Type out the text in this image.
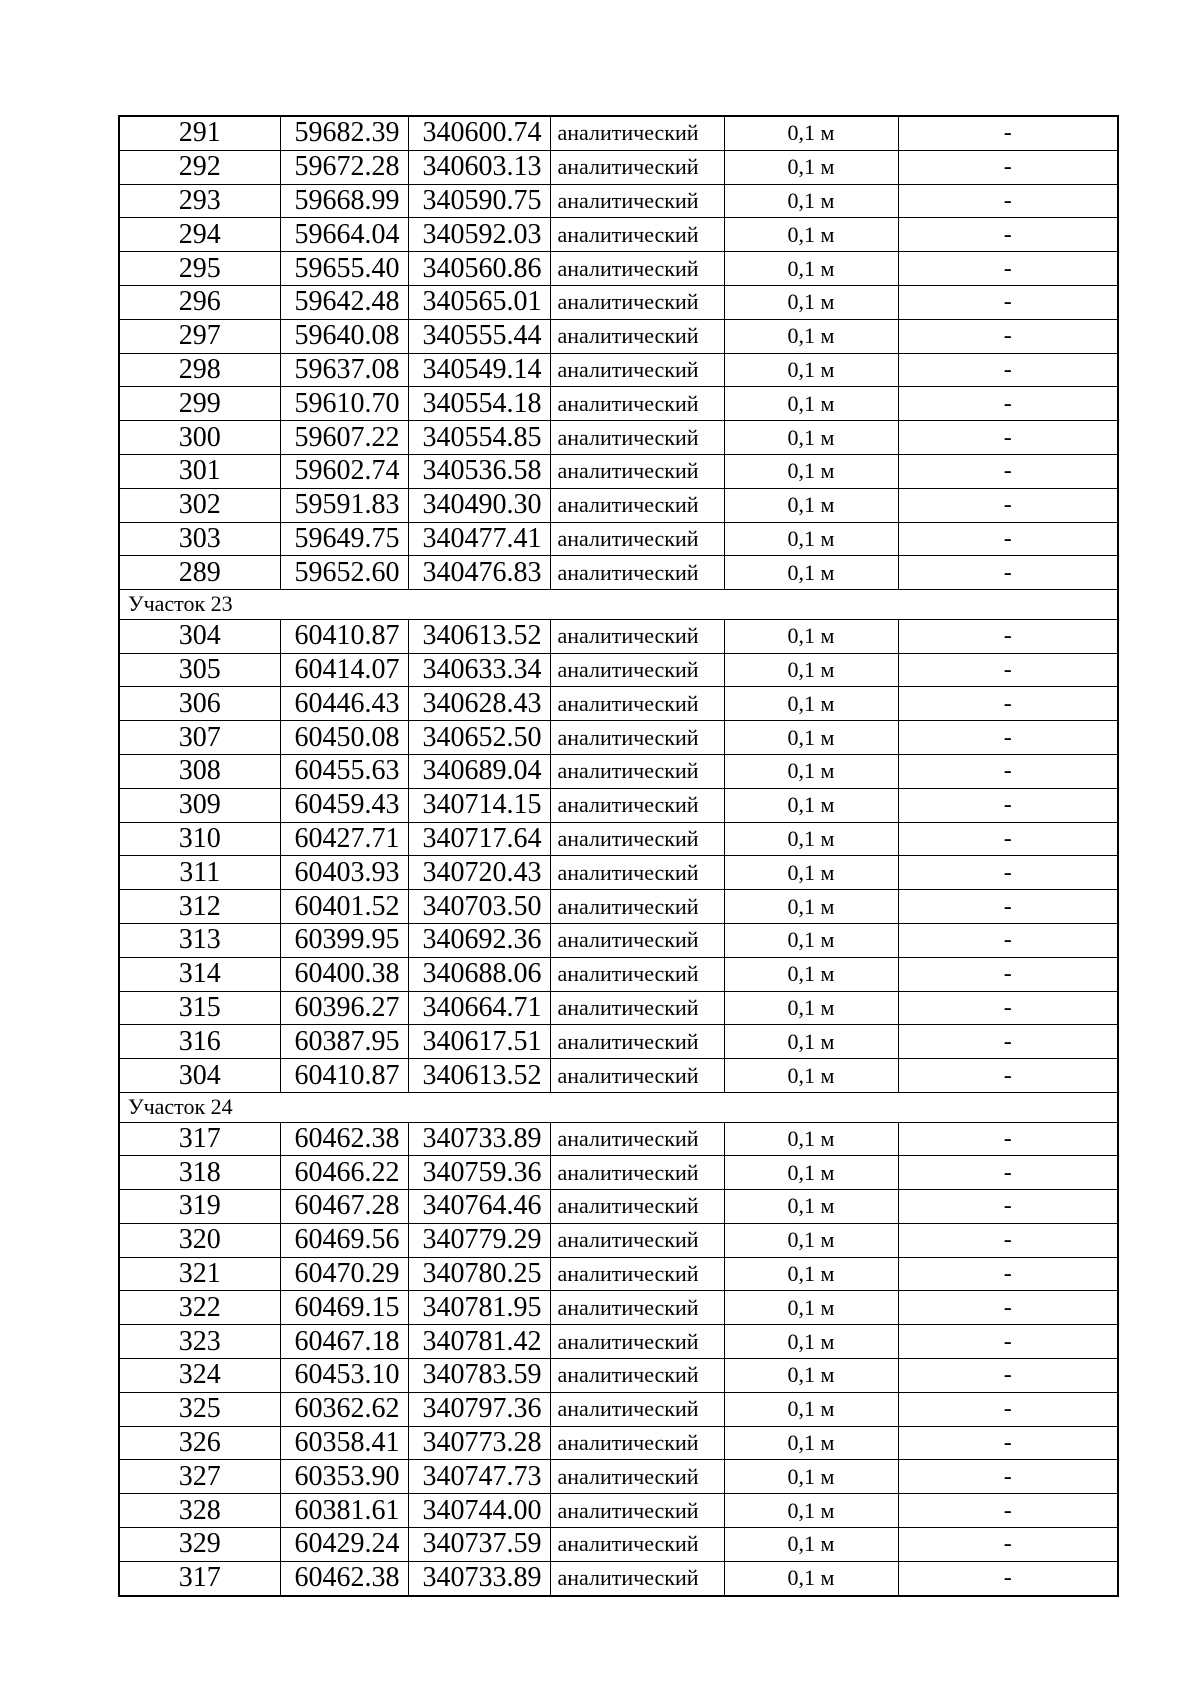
291	59682.39	340600.74	аналитический	0,1 м	-
292	59672.28	340603.13	аналитический	0,1 м	-
293	59668.99	340590.75	аналитический	0,1 м	-
294	59664.04	340592.03	аналитический	0,1 м	-
295	59655.40	340560.86	аналитический	0,1 м	-
296	59642.48	340565.01	аналитический	0,1 м	-
297	59640.08	340555.44	аналитический	0,1 м	-
298	59637.08	340549.14	аналитический	0,1 м	-
299	59610.70	340554.18	аналитический	0,1 м	-
300	59607.22	340554.85	аналитический	0,1 м	-
301	59602.74	340536.58	аналитический	0,1 м	-
302	59591.83	340490.30	аналитический	0,1 м	-
303	59649.75	340477.41	аналитический	0,1 м	-
289	59652.60	340476.83	аналитический	0,1 м	-
Участок 23					
304	60410.87	340613.52	аналитический	0,1 м	-
305	60414.07	340633.34	аналитический	0,1 м	-
306	60446.43	340628.43	аналитический	0,1 м	-
307	60450.08	340652.50	аналитический	0,1 м	-
308	60455.63	340689.04	аналитический	0,1 м	-
309	60459.43	340714.15	аналитический	0,1 м	-
310	60427.71	340717.64	аналитический	0,1 м	-
311	60403.93	340720.43	аналитический	0,1 м	-
312	60401.52	340703.50	аналитический	0,1 м	-
313	60399.95	340692.36	аналитический	0,1 м	-
314	60400.38	340688.06	аналитический	0,1 м	-
315	60396.27	340664.71	аналитический	0,1 м	-
316	60387.95	340617.51	аналитический	0,1 м	-
304	60410.87	340613.52	аналитический	0,1 м	-
Участок 24					
317	60462.38	340733.89	аналитический	0,1 м	-
318	60466.22	340759.36	аналитический	0,1 м	-
319	60467.28	340764.46	аналитический	0,1 м	-
320	60469.56	340779.29	аналитический	0,1 м	-
321	60470.29	340780.25	аналитический	0,1 м	-
322	60469.15	340781.95	аналитический	0,1 м	-
323	60467.18	340781.42	аналитический	0,1 м	-
324	60453.10	340783.59	аналитический	0,1 м	-
325	60362.62	340797.36	аналитический	0,1 м	-
326	60358.41	340773.28	аналитический	0,1 м	-
327	60353.90	340747.73	аналитический	0,1 м	-
328	60381.61	340744.00	аналитический	0,1 м	-
329	60429.24	340737.59	аналитический	0,1 м	-
317	60462.38	340733.89	аналитический	0,1 м	-
